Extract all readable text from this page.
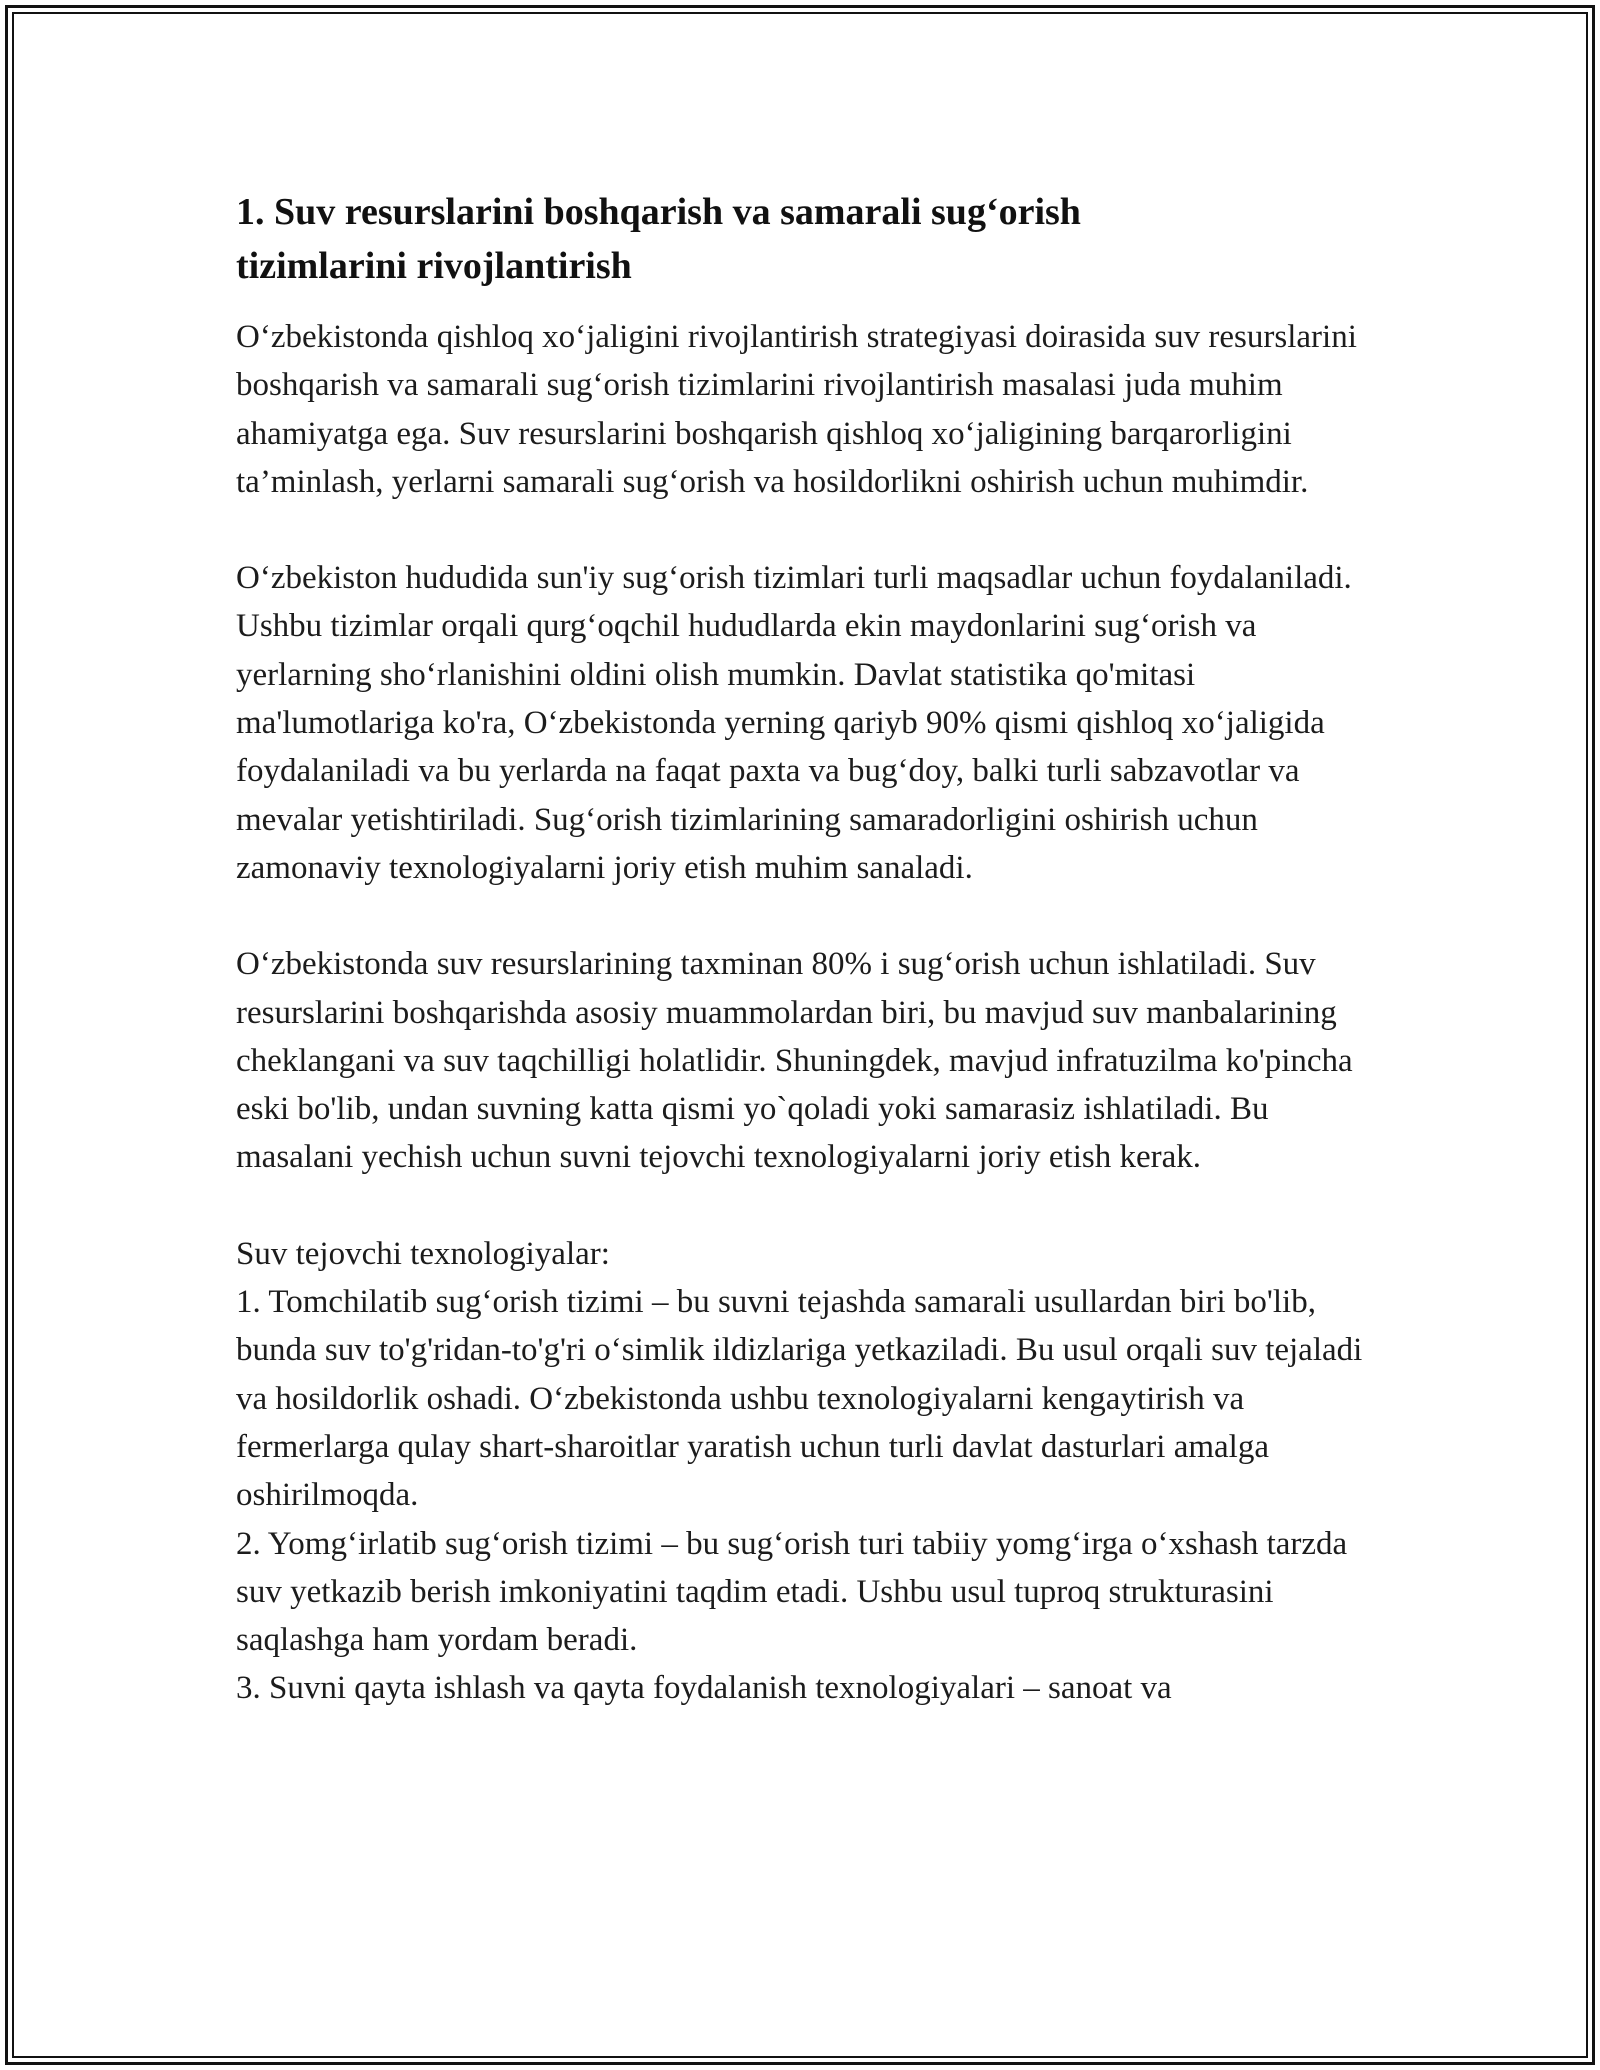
1. Suv resurslarini boshqarish va samarali sug‘orish tizimlarini rivojlantirish

O‘zbekistonda qishloq xo‘jaligini rivojlantirish strategiyasi doirasida suv resurslarini boshqarish va samarali sug‘orish tizimlarini rivojlantirish masalasi juda muhim ahamiyatga ega. Suv resurslarini boshqarish qishloq xo‘jaligining barqarorligini ta’minlash, yerlarni samarali sug‘orish va hosildorlikni oshirish uchun muhimdir.

O‘zbekiston hududida sun'iy sug‘orish tizimlari turli maqsadlar uchun foydalaniladi. Ushbu tizimlar orqali qurg‘oqchil hududlarda ekin maydonlarini sug‘orish va yerlarning sho‘rlanishini oldini olish mumkin. Davlat statistika qo'mitasi ma'lumotlariga ko'ra, O‘zbekistonda yerning qariyb 90% qismi qishloq xo‘jaligida foydalaniladi va bu yerlarda na faqat paxta va bug‘doy, balki turli sabzavotlar va mevalar yetishtiriladi. Sug‘orish tizimlarining samaradorligini oshirish uchun zamonaviy texnologiyalarni joriy etish muhim sanaladi.

O‘zbekistonda suv resurslarining taxminan 80% i sug‘orish uchun ishlatiladi. Suv resurslarini boshqarishda asosiy muammolardan biri, bu mavjud suv manbalarining cheklangani va suv taqchilligi holatlidir. Shuningdek, mavjud infratuzilma ko'pincha eski bo'lib, undan suvning katta qismi yo`qoladi yoki samarasiz ishlatiladi. Bu masalani yechish uchun suvni tejovchi texnologiyalarni joriy etish kerak.

Suv tejovchi texnologiyalar:

1. Tomchilatib sug‘orish tizimi – bu suvni tejashda samarali usullardan biri bo'lib, bunda suv to'g'ridan-to'g'ri o‘simlik ildizlariga yetkaziladi. Bu usul orqali suv tejaladi va hosildorlik oshadi. O‘zbekistonda ushbu texnologiyalarni kengaytirish va fermerlarga qulay shart-sharoitlar yaratish uchun turli davlat dasturlari amalga oshirilmoqda.

2. Yomg‘irlatib sug‘orish tizimi – bu sug‘orish turi tabiiy yomg‘irga o‘xshash tarzda suv yetkazib berish imkoniyatini taqdim etadi. Ushbu usul tuproq strukturasini saqlashga ham yordam beradi.

3. Suvni qayta ishlash va qayta foydalanish texnologiyalari – sanoat va
